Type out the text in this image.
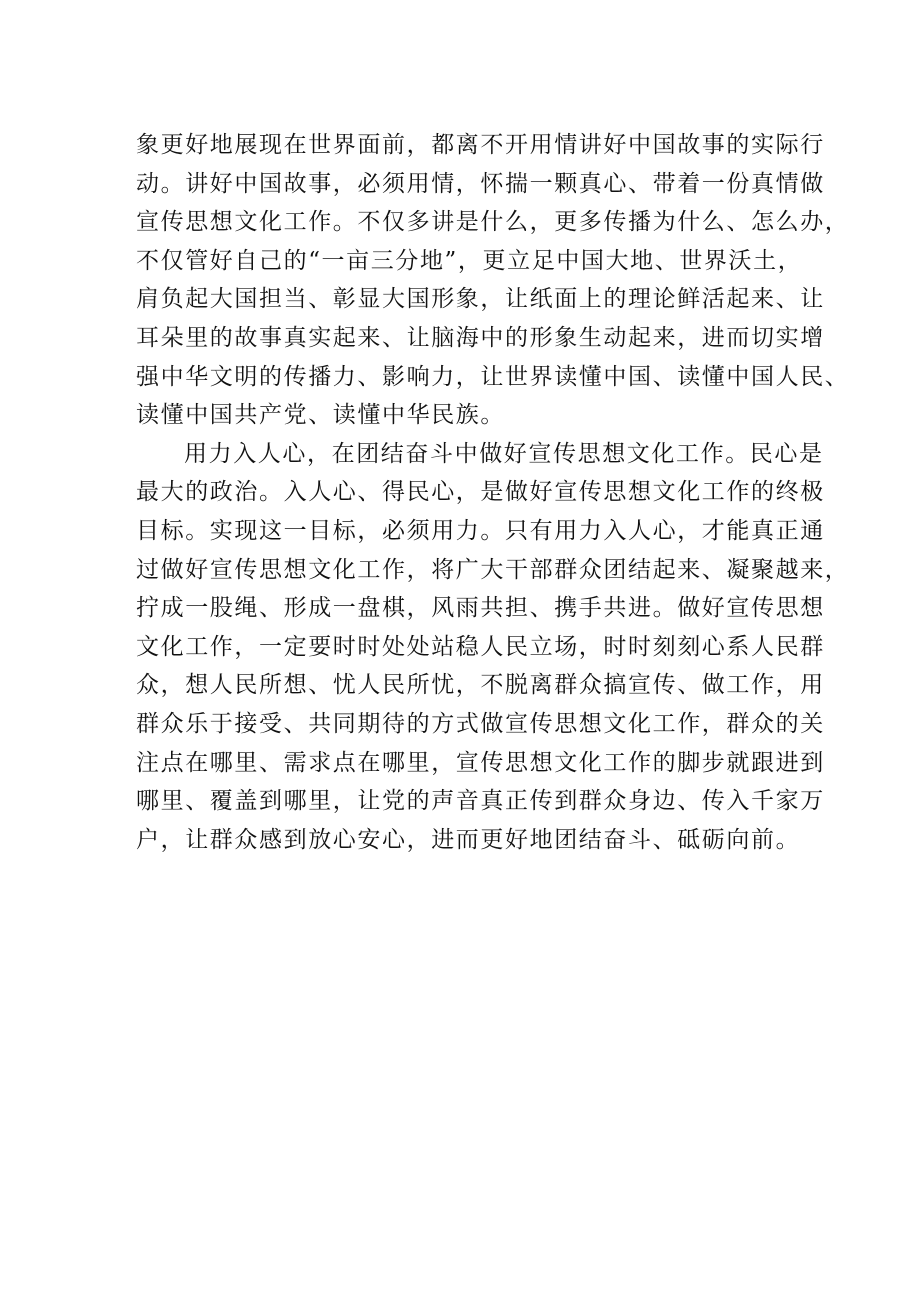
象更好地展现在世界面前，都离不开用情讲好中国故事的实际行
动。讲好中国故事，必须用情，怀揣一颗真心、带着一份真情做
宣传思想文化工作。不仅多讲是什么，更多传播为什么、怎么办，
不仅管好自己的“一亩三分地”，更立足中国大地、世界沃土，
肩负起大国担当、彰显大国形象，让纸面上的理论鲜活起来、让
耳朵里的故事真实起来、让脑海中的形象生动起来，进而切实增
强中华文明的传播力、影响力，让世界读懂中国、读懂中国人民、
读懂中国共产党、读懂中华民族。
用力入人心，在团结奋斗中做好宣传思想文化工作。民心是
最大的政治。入人心、得民心，是做好宣传思想文化工作的终极
目标。实现这一目标，必须用力。只有用力入人心，才能真正通
过做好宣传思想文化工作，将广大干部群众团结起来、凝聚越来，
拧成一股绳、形成一盘棋，风雨共担、携手共进。做好宣传思想
文化工作，一定要时时处处站稳人民立场，时时刻刻心系人民群
众，想人民所想、忧人民所忧，不脱离群众搞宣传、做工作，用
群众乐于接受、共同期待的方式做宣传思想文化工作，群众的关
注点在哪里、需求点在哪里，宣传思想文化工作的脚步就跟进到
哪里、覆盖到哪里，让党的声音真正传到群众身边、传入千家万
户，让群众感到放心安心，进而更好地团结奋斗、砥砺向前。
